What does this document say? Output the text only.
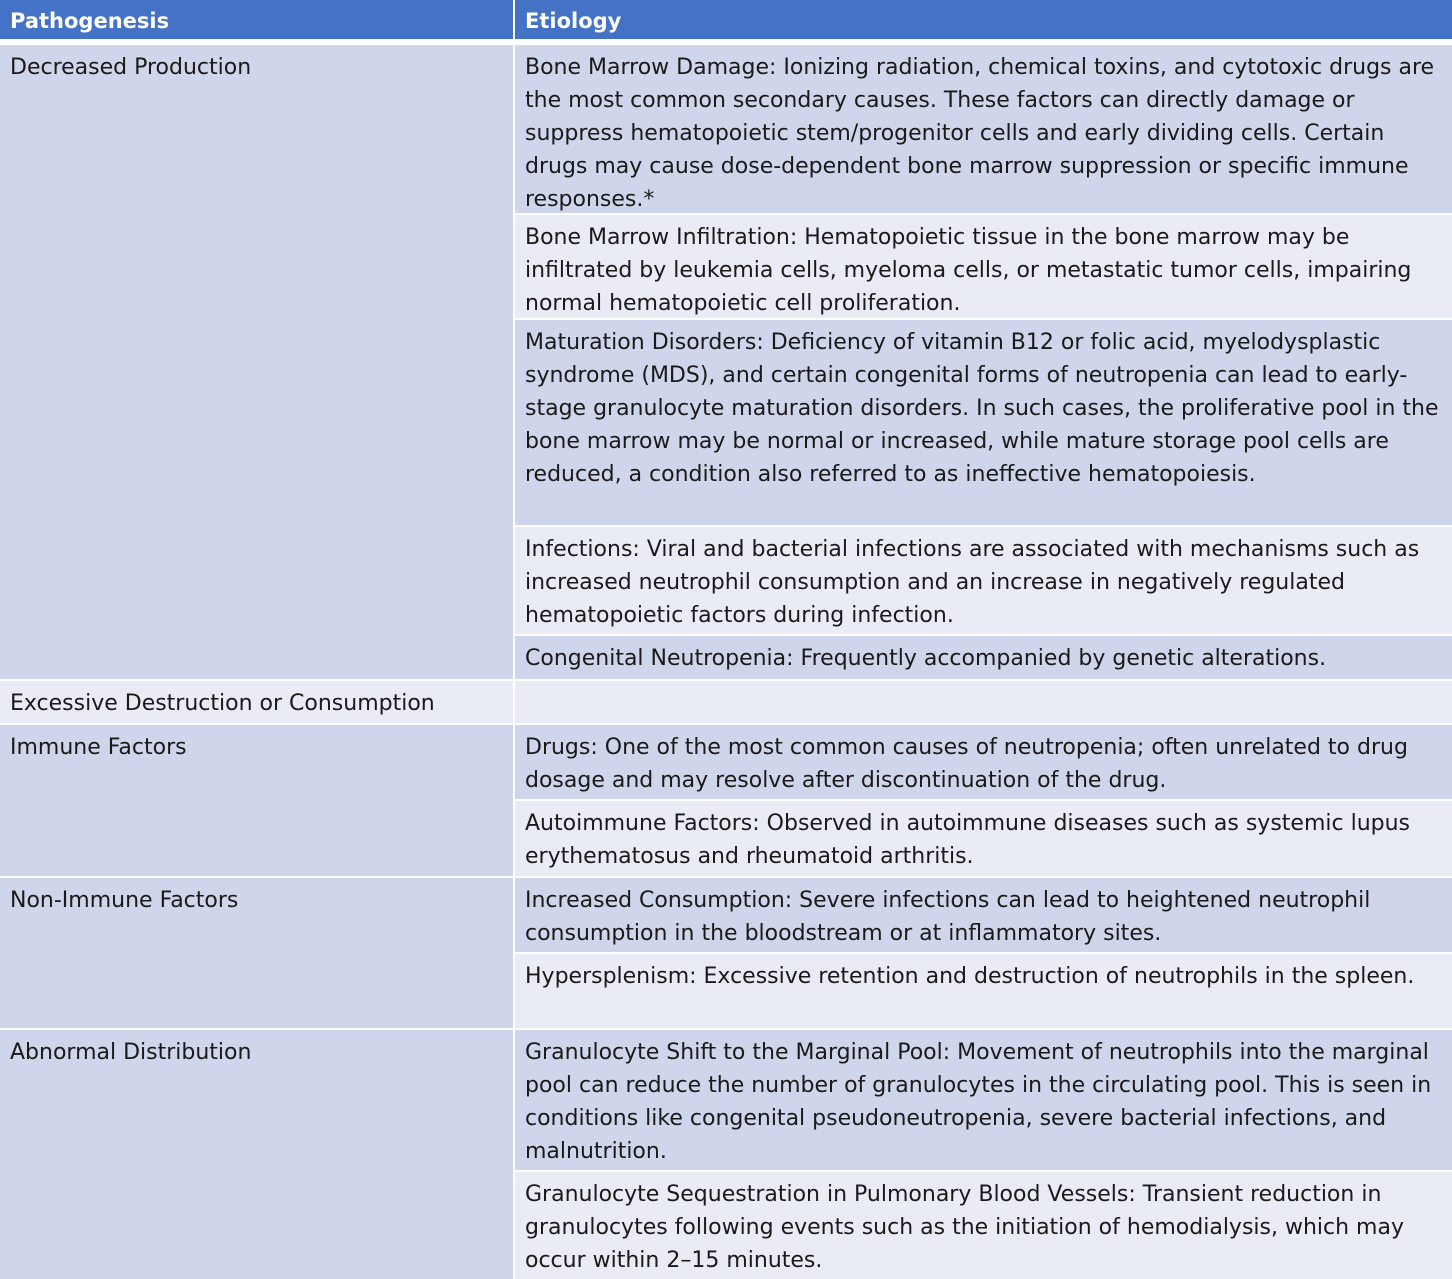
Pathogenesis	Etiology
Decreased Production	Bone Marrow Damage: Ionizing radiation, chemical toxins, and cytotoxic drugs are the most common secondary causes. These factors can directly damage or suppress hematopoietic stem/progenitor cells and early dividing cells. Certain drugs may cause dose-dependent bone marrow suppression or specific immune responses.*
Bone Marrow Infiltration: Hematopoietic tissue in the bone marrow may be infiltrated by leukemia cells, myeloma cells, or metastatic tumor cells, impairing normal hematopoietic cell proliferation.
Maturation Disorders: Deficiency of vitamin B12 or folic acid, myelodysplastic syndrome (MDS), and certain congenital forms of neutropenia can lead to early-stage granulocyte maturation disorders. In such cases, the proliferative pool in the bone marrow may be normal or increased, while mature storage pool cells are reduced, a condition also referred to as ineffective hematopoiesis.
Infections: Viral and bacterial infections are associated with mechanisms such as increased neutrophil consumption and an increase in negatively regulated hematopoietic factors during infection.
Congenital Neutropenia: Frequently accompanied by genetic alterations.
Excessive Destruction or Consumption
Immune Factors	Drugs: One of the most common causes of neutropenia; often unrelated to drug dosage and may resolve after discontinuation of the drug.
Autoimmune Factors: Observed in autoimmune diseases such as systemic lupus erythematosus and rheumatoid arthritis.
Non-Immune Factors	Increased Consumption: Severe infections can lead to heightened neutrophil consumption in the bloodstream or at inflammatory sites.
Hypersplenism: Excessive retention and destruction of neutrophils in the spleen.
Abnormal Distribution	Granulocyte Shift to the Marginal Pool: Movement of neutrophils into the marginal pool can reduce the number of granulocytes in the circulating pool. This is seen in conditions like congenital pseudoneutropenia, severe bacterial infections, and malnutrition.
Granulocyte Sequestration in Pulmonary Blood Vessels: Transient reduction in granulocytes following events such as the initiation of hemodialysis, which may occur within 2–15 minutes.
